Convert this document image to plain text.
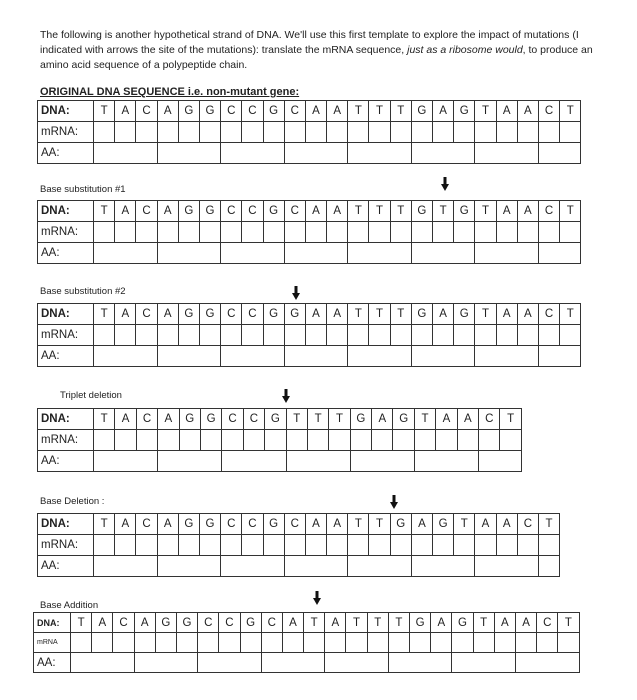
The following is another hypothetical strand of DNA. We'll use this first template to explore the impact of mutations (I indicated with arrows the site of the mutations): translate the mRNA sequence, just as a ribosome would, to produce an amino acid sequence of a polypeptide chain.

ORIGINAL DNA SEQUENCE i.e. non-mutant gene:
Base substitution #1
Base substitution #2
Triplet deletion
Base Deletion :
Base Addition
DNA:	T	A	C	A	G	G	C	C	G	C	A	A	T	T	T	G	A	G	T	A	A	C	T
mRNA:																							
AA:																							
DNA:	T	A	C	A	G	G	C	C	G	C	A	A	T	T	T	G	T	G	T	A	A	C	T
mRNA:																							
AA:																							
DNA:	T	A	C	A	G	G	C	C	G	G	A	A	T	T	T	G	A	G	T	A	A	C	T
mRNA:																							
AA:																							
DNA:	T	A	C	A	G	G	C	C	G	T	T	T	G	A	G	T	A	A	C	T
mRNA:																				
AA:																				
DNA:	T	A	C	A	G	G	C	C	G	C	A	A	T	T	G	A	G	T	A	A	C	T
mRNA:																						
AA:																						
DNA:	T	A	C	A	G	G	C	C	G	C	A	T	A	T	T	T	G	A	G	T	A	A	C	T
mRNA																								
AA:																								
